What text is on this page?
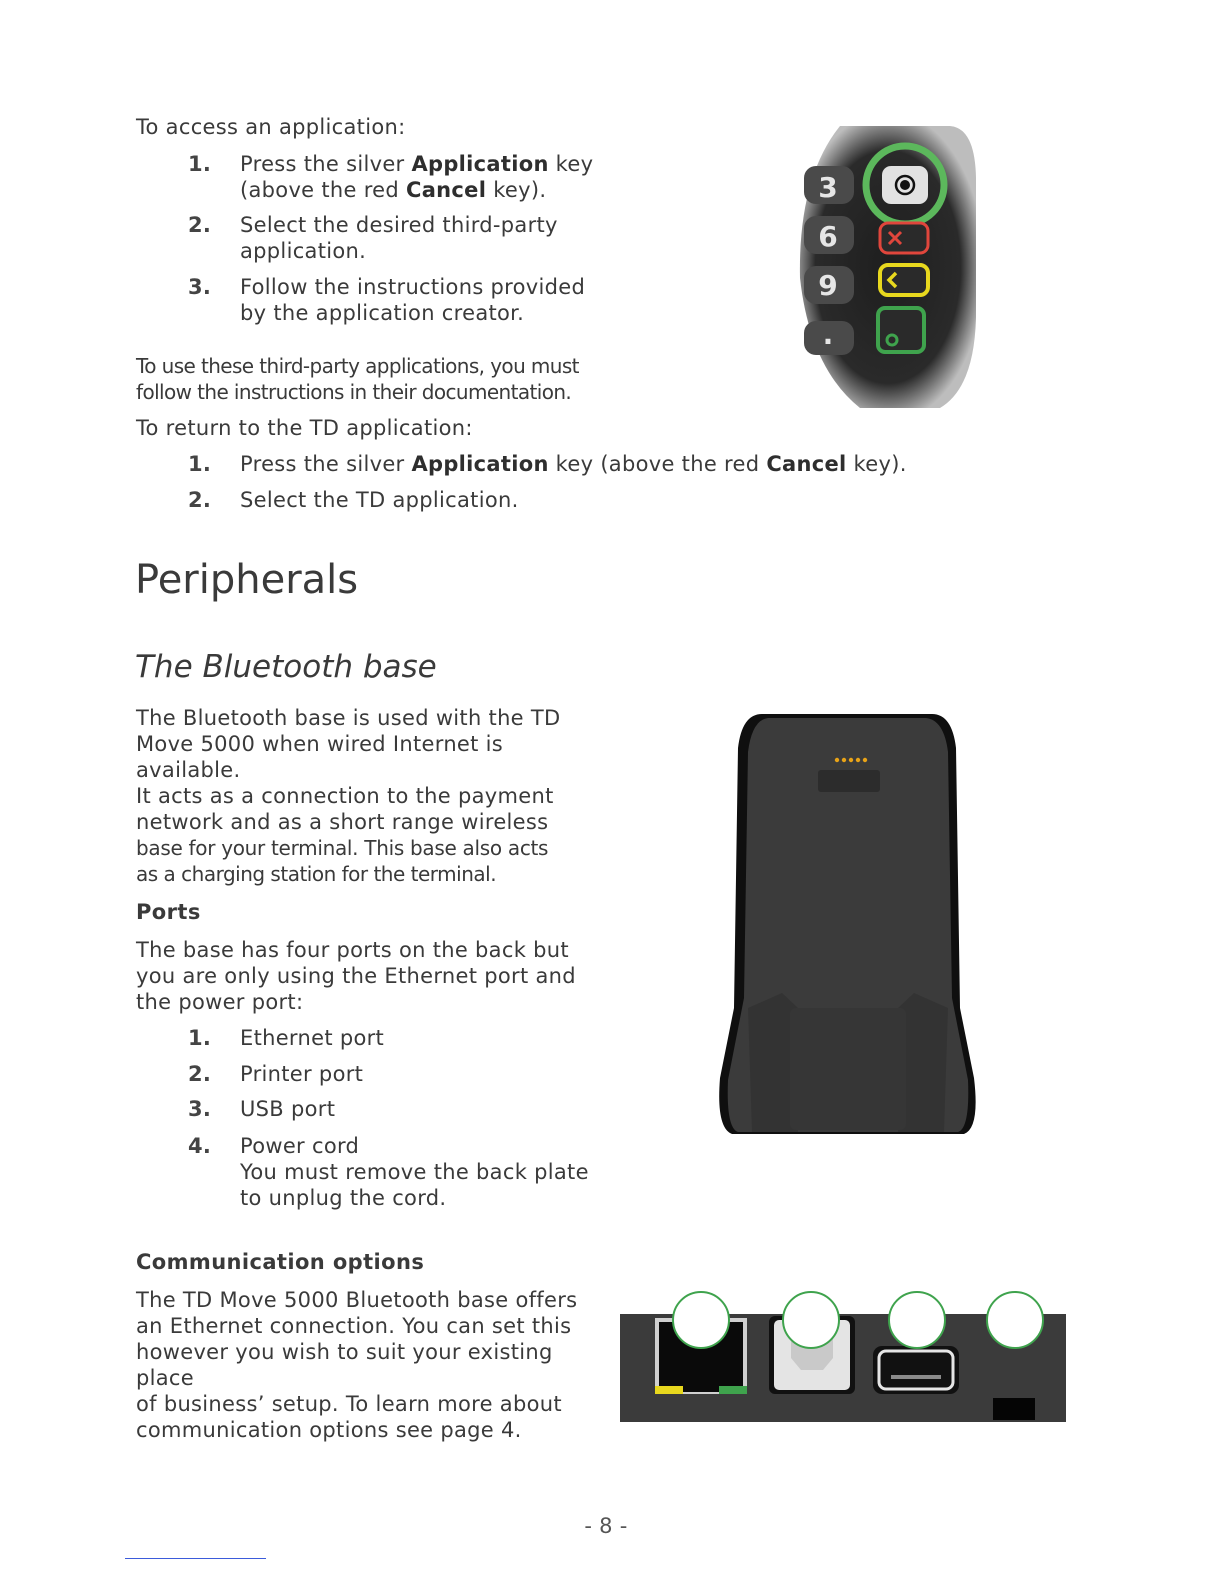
To access an application:
1. Press the silver Application key
(above the red Cancel key).
2. Select the desired third-party
application.
3. Follow the instructions provided
by the application creator.
To use these third-party applications, you must
follow the instructions in their documentation.
3
6
9
.
To return to the TD application:
1. Press the silver Application key (above the red Cancel key).
2. Select the TD application.
Peripherals
The Bluetooth base
The Bluetooth base is used with the TD
Move 5000 when wired Internet is available.
It acts as a connection to the payment
network and as a short range wireless
base for your terminal. This base also acts
as a charging station for the terminal.
Ports
The base has four ports on the back but
you are only using the Ethernet port and
the power port:
1. Ethernet port
2. Printer port
3. USB port
4. Power cord
You must remove the back plate
to unplug the cord.
Communication options
The TD Move 5000 Bluetooth base offers
an Ethernet connection. You can set this
however you wish to suit your existing place
of business’ setup. To learn more about
communication options see page 4.
- 8 -
